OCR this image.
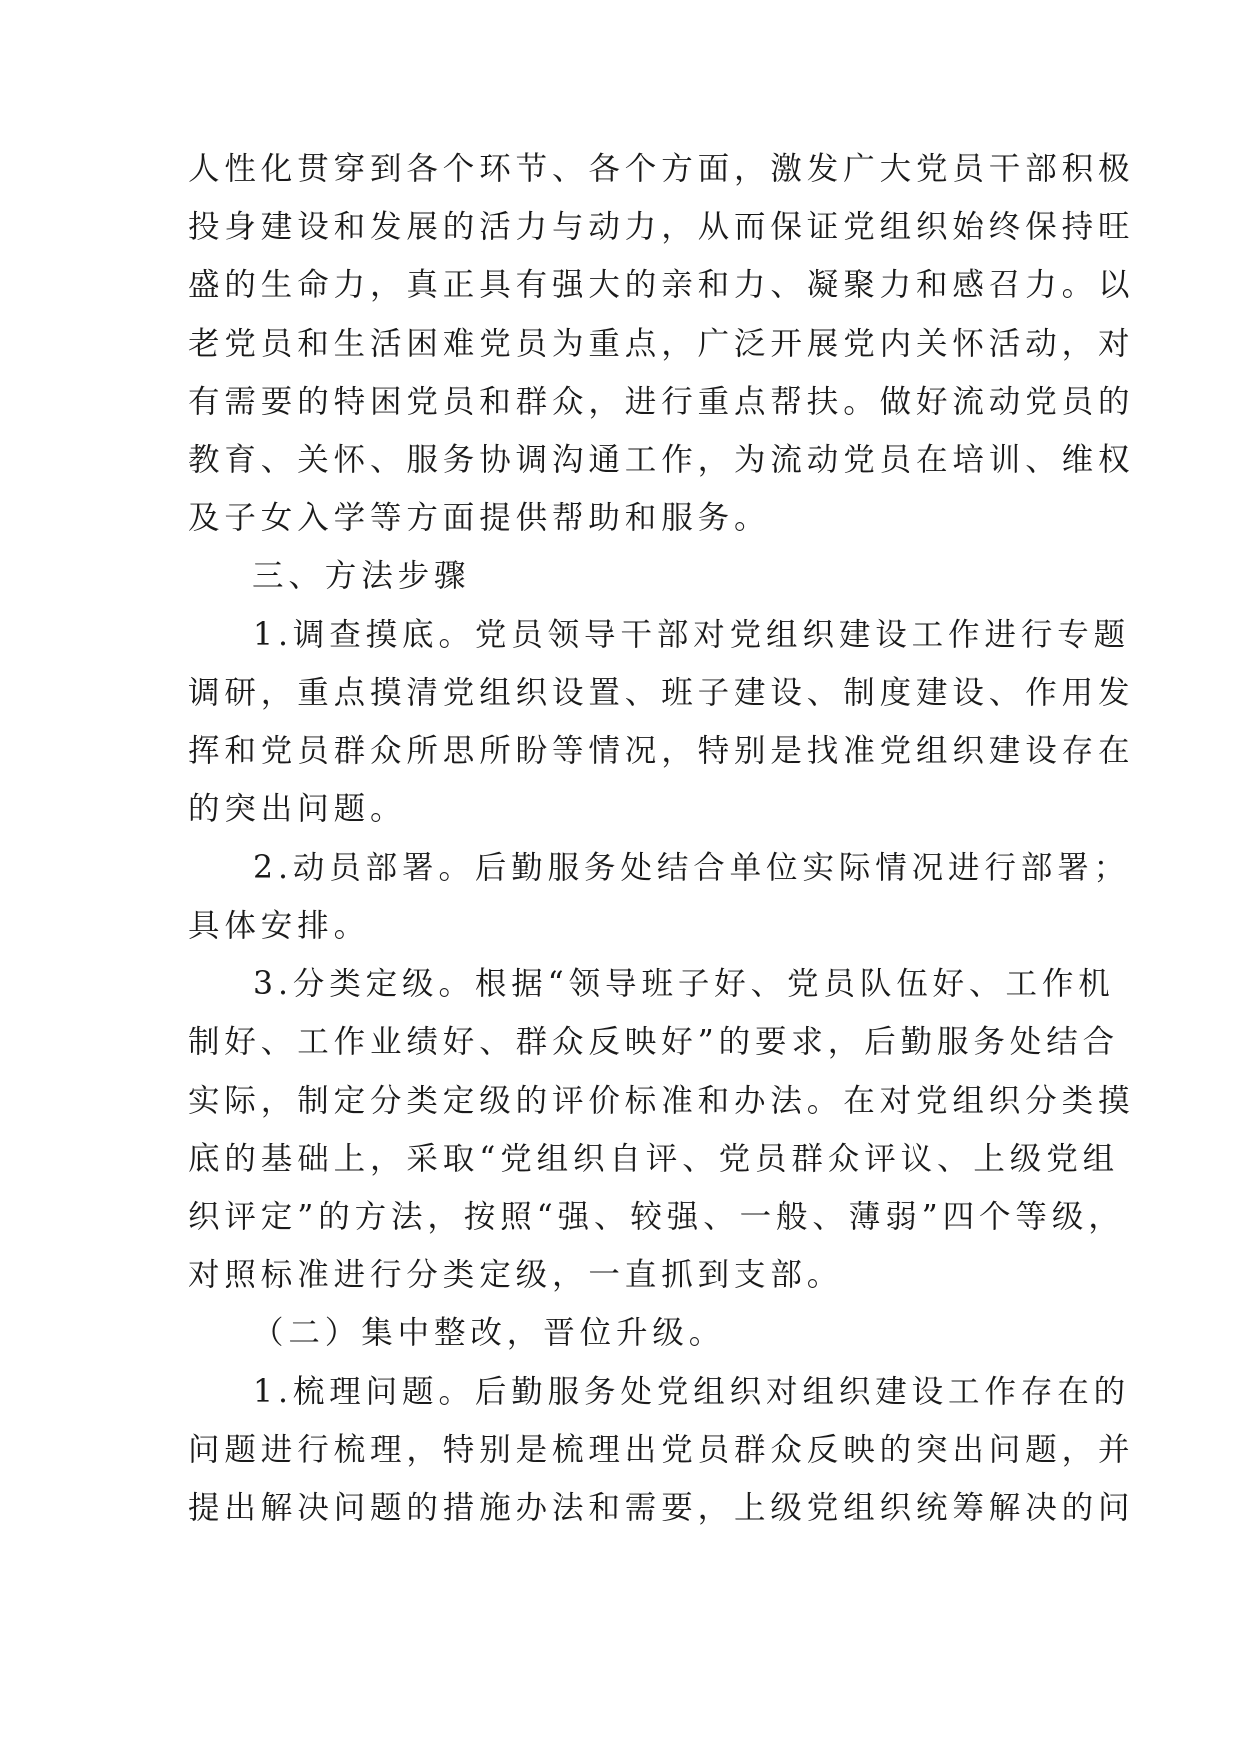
人性化贯穿到各个环节、各个方面，激发广大党员干部积极
投身建设和发展的活力与动力，从而保证党组织始终保持旺
盛的生命力，真正具有强大的亲和力、凝聚力和感召力。以
老党员和生活困难党员为重点，广泛开展党内关怀活动，对
有需要的特困党员和群众，进行重点帮扶。做好流动党员的
教育、关怀、服务协调沟通工作，为流动党员在培训、维权
及子女入学等方面提供帮助和服务。
三、方法步骤
1.调查摸底。党员领导干部对党组织建设工作进行专题
调研，重点摸清党组织设置、班子建设、制度建设、作用发
挥和党员群众所思所盼等情况，特别是找准党组织建设存在
的突出问题。
2.动员部署。后勤服务处结合单位实际情况进行部署；
具体安排。
3.分类定级。根据“领导班子好、党员队伍好、工作机
制好、工作业绩好、群众反映好”的要求，后勤服务处结合
实际，制定分类定级的评价标准和办法。在对党组织分类摸
底的基础上，采取“党组织自评、党员群众评议、上级党组
织评定”的方法，按照“强、较强、一般、薄弱”四个等级，
对照标准进行分类定级，一直抓到支部。
（二）集中整改，晋位升级。
1.梳理问题。后勤服务处党组织对组织建设工作存在的
问题进行梳理，特别是梳理出党员群众反映的突出问题，并
提出解决问题的措施办法和需要，上级党组织统筹解决的问
